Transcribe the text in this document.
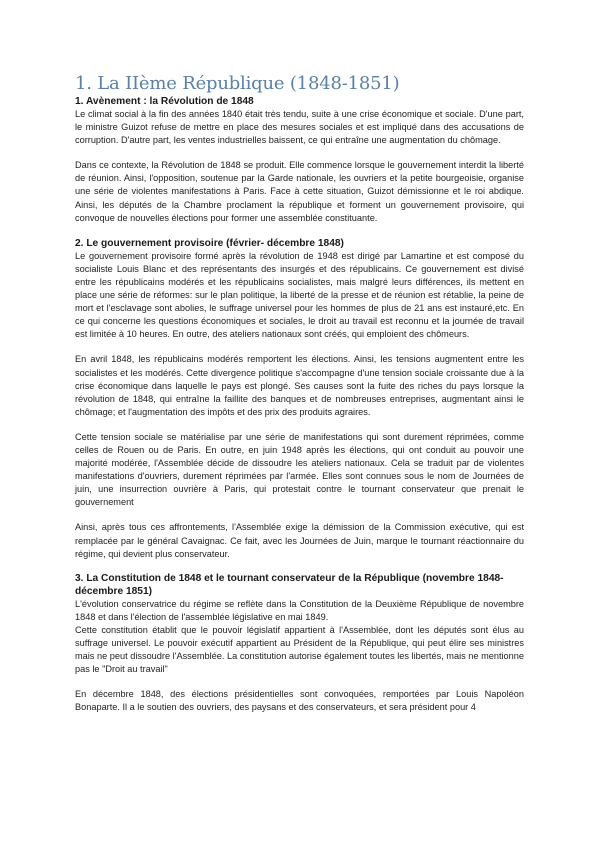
1. La IIème République (1848-1851)
1. Avènement : la Révolution de 1848

Le climat social à la fin des années 1840 était très tendu, suite à une crise économique et sociale. D'une part, le ministre Guizot refuse de mettre en place des mesures sociales et est impliqué dans des accusations de corruption. D'autre part, les ventes industrielles baissent, ce qui entraîne une augmentation du chômage.

Dans ce contexte, la Révolution de 1848 se produit. Elle commence lorsque le gouvernement interdit la liberté de réunion. Ainsi, l'opposition, soutenue par la Garde nationale, les ouvriers et la petite bourgeoisie, organise une série de violentes manifestations à Paris. Face à cette situation, Guizot démissionne et le roi abdique. Ainsi, les députés de la Chambre proclament la république et forment un gouvernement provisoire, qui convoque de nouvelles élections pour former une assemblée constituante.

2. Le gouvernement provisoire (février- décembre 1848)

Le gouvernement provisoire formé après la révolution de 1948 est dirigé par Lamartine et est composé du socialiste Louis Blanc et des représentants des insurgés et des républicains. Ce gouvernement est divisé entre les républicains modérés et les républicains socialistes, mais malgré leurs différences, ils mettent en place une série de réformes: sur le plan politique, la liberté de la presse et de réunion est rétablie, la peine de mort et l'esclavage sont abolies, le suffrage universel pour les hommes de plus de 21 ans est instauré,etc. En ce qui concerne les questions économiques et sociales, le droit au travail est reconnu et la journée de travail est limitée à 10 heures. En outre, des ateliers nationaux sont créés, qui emploient des chômeurs.

En avril 1848, les républicains modérés remportent les élections. Ainsi, les tensions augmentent entre les socialistes et les modérés. Cette divergence politique s'accompagne d'une tension sociale croissante due à la crise économique dans laquelle le pays est plongé. Ses causes sont la fuite des riches du pays lorsque la révolution de 1848, qui entraîne la faillite des banques et de nombreuses entreprises, augmentant ainsi le chômage; et l'augmentation des impôts et des prix des produits agraires.

Cette tension sociale se matérialise par une série de manifestations qui sont durement réprimées, comme celles de Rouen ou de Paris. En outre, en juin 1948 après les élections, qui ont conduit au pouvoir une majorité modérée, l'Assemblée décide de dissoudre les ateliers nationaux. Cela se traduit par de violentes manifestations d'ouvriers, durement réprimées par l'armée. Elles sont connues sous le nom de Journées de juin, une insurrection ouvrière à Paris, qui protestait contre le tournant conservateur que prenait le gouvernement

Ainsi, après tous ces affrontements, l'Assemblée exige la démission de la Commission exécutive, qui est remplacée par le général Cavaignac. Ce fait, avec les Journées de Juin, marque le tournant réactionnaire du régime, qui devient plus conservateur.

3. La Constitution de 1848 et le tournant conservateur de la République (novembre 1848-décembre 1851)

L'évolution conservatrice du régime se reflète dans la Constitution de la Deuxième République de novembre 1848 et dans l'élection de l'assemblée législative en mai 1849.

Cette constitution établit que le pouvoir législatif appartient à l'Assemblée, dont les députés sont élus au suffrage universel. Le pouvoir exécutif appartient au Président de la République, qui peut élire ses ministres mais ne peut dissoudre l'Assemblée. La constitution autorise également toutes les libertés, mais ne mentionne pas le "Droit au travail"

En décembre 1848, des élections présidentielles sont convoquées, remportées par Louis Napoléon Bonaparte. Il a le soutien des ouvriers, des paysans et des conservateurs, et sera président pour 4
